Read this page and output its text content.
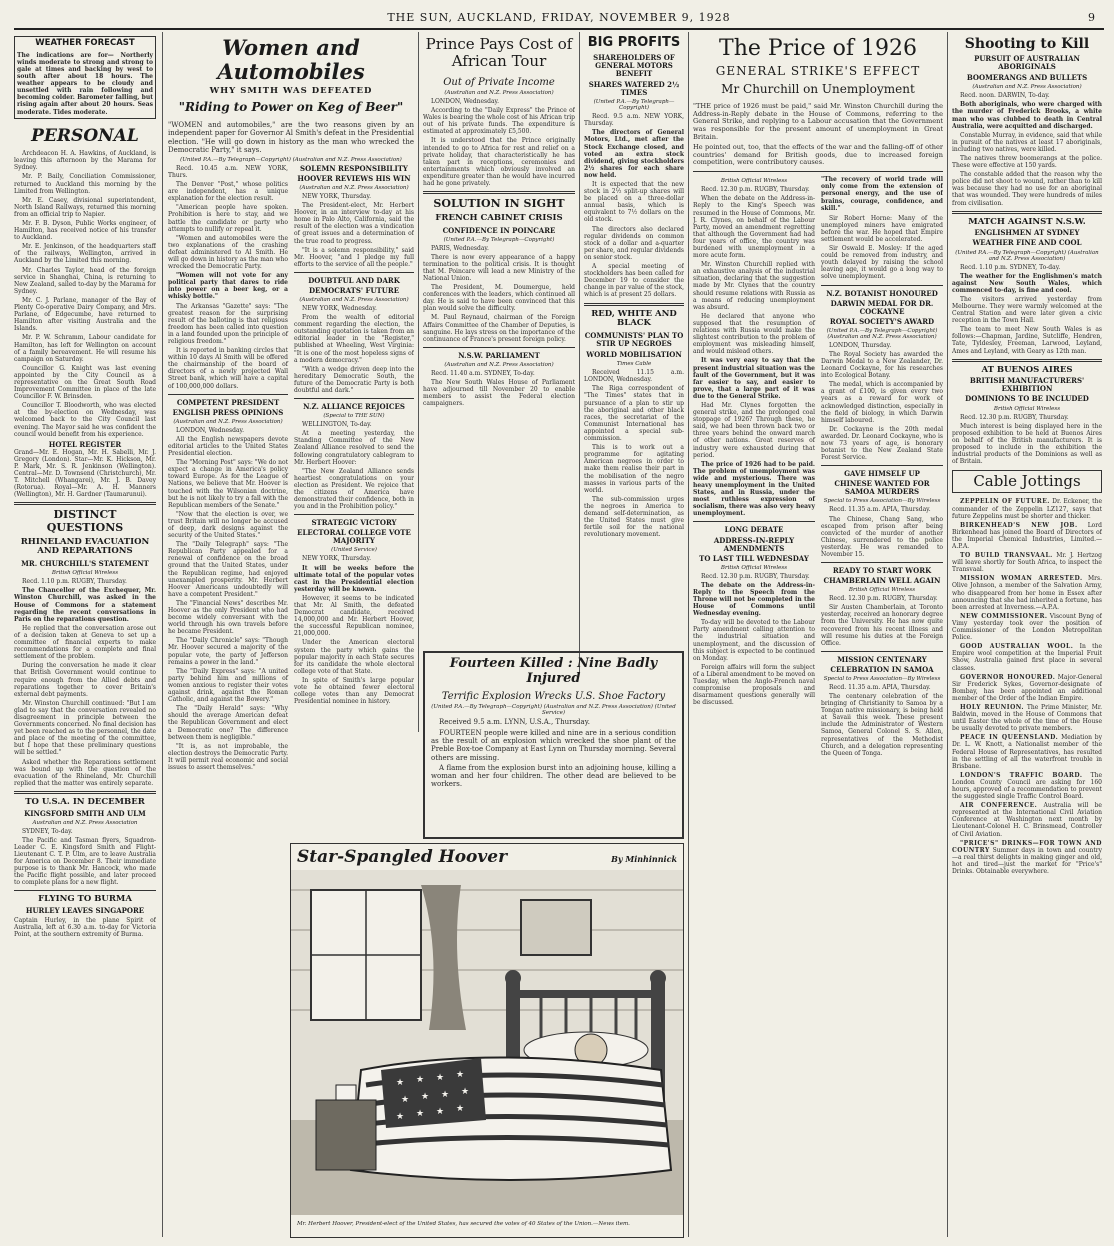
THE SUN, AUCKLAND, FRIDAY, NOVEMBER 9, 1928	9
WEATHER FORECAST
The indications are for— Northerly winds moderate to strong and strong to gale at times and backing by west to south after about 18 hours. The weather appears to be cloudy and unsettled with rain following and becoming colder. Barometer falling, but rising again after about 20 hours. Seas moderate. Tides moderate.
PERSONAL

Archdeacon H. A. Hawkins, of Auckland, is leaving this afternoon by the Marama for Sydney.

Mr. P. Baily, Conciliation Commissioner, returned to Auckland this morning by the Limited from Wellington.

Mr. E. Casey, divisional superintendent, North Island Railways, returned this morning from an official trip to Napier.

Mr. F. B. Dyson, Public Works engineer, of Hamilton, has received notice of his transfer to Auckland.

Mr. E. Jenkinson, of the headquarters staff of the railways, Wellington, arrived in Auckland by the Limited this morning.

Mr. Charles Taylor, head of the foreign service in Shanghai, China, is returning to New Zealand, sailed to-day by the Marama for Sydney.

Mr. C. J. Parlane, manager of the Bay of Plenty Co-operative Dairy Company, and Mrs. Parlane, of Edgecumbe, have returned to Hamilton after visiting Australia and the Islands.

Mr. P. W. Schramm, Labour candidate for Hamilton, has left for Wellington on account of a family bereavement. He will resume his campaign on Saturday.

Councillor G. Knight was last evening appointed by the City Council as a representative on the Great South Road Improvement Committee in place of the late Councillor F. W. Brinsden.

Councillor T. Bloodworth, who was elected at the by-election on Wednesday, was welcomed back to the City Council last evening. The Mayor said he was confident the council would benefit from his experience.

HOTEL REGISTER
Grand—Mr. E. Hogan, Mr. H. Sabelli, Mr. J. Gregory (London). Star—Mr. K. Hickson, Mr. P. Mark, Mr. S. R. Jenkinson (Wellington). Central—Mr. D. Townsend (Christchurch), Mr. T. Mitchell (Whangarei), Mr. J. B. Davey (Rotorua). Royal—Mr. A. H. Manners (Wellington), Mr. H. Gardner (Taumarunui).
DISTINCT QUESTIONS
RHINELAND EVACUATION AND REPARATIONS
MR. CHURCHILL'S STATEMENT
British Official Wireless

Recd. 1.10 p.m. RUGBY, Thursday.

The Chancellor of the Exchequer, Mr. Winston Churchill, was asked in the House of Commons for a statement regarding the recent conversations in Paris on the reparations question.

He replied that the conversation arose out of a decision taken at Geneva to set up a committee of financial experts to make recommendations for a complete and final settlement of the problem.

During the conversation he made it clear that British Government would continue to require enough from the Allied debts and reparations together to cover Britain's external debt payments.

Mr. Winston Churchill continued: "But I am glad to say that the conversation revealed no disagreement in principle between the Governments concerned. No final decision has yet been reached as to the personnel, the date and place of the meeting of the committee, but I hope that these preliminary questions will be settled."

Asked whether the Reparations settlement was bound up with the question of the evacuation of the Rhineland, Mr. Churchill replied that the matter was entirely separate.

TO U.S.A. IN DECEMBER
KINGSFORD SMITH AND ULM
Australian and N.Z. Press Association

SYDNEY, To-day.

The Pacific and Tasman flyers, Squadron-Leader C. E. Kingsford Smith and Flight-Lieutenant C. T. P. Ulm, are to leave Australia for America on December 8. Their immediate purpose is to thank Mr. Hancock, who made the Pacific flight possible, and later proceed to complete plans for a new flight.

FLYING TO BURMA
HURLEY LEAVES SINGAPORE
Captain Hurley, in the plane Spirit of Australia, left at 6.30 a.m. to-day for Victoria Point, at the southern extremity of Burma.
Women and Automobiles
WHY SMITH WAS DEFEATED
"Riding to Power on Keg of Beer"
"WOMEN and automobiles," are the two reasons given by an independent paper for Governor Al Smith's defeat in the Presidential election. "He will go down in history as the man who wrecked the Democratic Party," it says.
(United P.A.—By Telegraph—Copyright) (Australian and N.Z. Press Association)

Recd. 10.45 a.m. NEW YORK, Thurs.

The Denver "Post," whose politics are independent, has a unique explanation for the election result.

"American people have spoken. Prohibition is here to stay, and we battle the candidate or party who attempts to nullify or repeal it.

"Women and automobiles were the two explanations of the crashing defeat administered to Al Smith. He will go down in history as the man who wrecked the Democratic Party.

"Women will not vote for any political party that dares to ride into power on a beer keg, or a whisky bottle."

The Arkansas "Gazette" says: "The greatest reason for the surprising result of the balloting is that religious freedom has been called into question in a land founded upon the principle of religious freedom."

It is reported in banking circles that within 10 days Al Smith will be offered the chairmanship of the board of directors of a newly projected Wall Street bank, which will have a capital of 100,000,000 dollars.

COMPETENT PRESIDENT
ENGLISH PRESS OPINIONS
(Australian and N.Z. Press Association)

LONDON, Wednesday.

All the English newspapers devote editorial articles to the United States Presidential election.

The "Morning Post" says: "We do not expect a change in America's policy toward Europe. As for the League of Nations, we believe that Mr. Hoover is touched with the Wilsonian doctrine, but he is not likely to try a fall with the Republican members of the Senate."

"Now that the election is over, we trust Britain will no longer be accused of deep, dark designs against the security of the United States."

The "Daily Telegraph" says: "The Republican Party appealed for a renewal of confidence on the broad ground that the United States, under the Republican regime, had enjoyed unexampled prosperity. Mr. Herbert Hoover Americans undoubtedly will have a competent President."

The "Financial News" describes Mr. Hoover as the only President who had become widely conversant with the world through his own travels before he became President.

The "Daily Chronicle" says: "Though Mr. Hoover secured a majority of the popular vote, the party of Jefferson remains a power in the land."

The "Daily Express" says: "A united party behind him and millions of women anxious to register their votes against drink, against the Roman Catholic, and against the Bowery."

The "Daily Herald" says: "Why should the average American defeat the Republican Government and elect a Democratic one? The difference between them is negligible."

"It is, as not improbable, the election destroys the Democratic Party. It will permit real economic and social issues to assert themselves."

SOLEMN RESPONSIBILITY
HOOVER REVIEWS HIS WIN
(Australian and N.Z. Press Association)

NEW YORK, Thursday.

The President-elect, Mr. Herbert Hoover, in an interview to-day at his home in Palo Alto, California, said the result of the election was a vindication of great issues and a determination of the true road to progress.

"It is a solemn responsibility," said Mr. Hoover, "and I pledge my full efforts to the service of all the people."

DOUBTFUL AND DARK
DEMOCRATS' FUTURE
(Australian and N.Z. Press Association)

NEW YORK, Wednesday.

From the wealth of editorial comment regarding the election, the outstanding quotation is taken from an editorial leader in the "Register," published at Wheeling, West Virginia: "It is one of the most hopeless signs of a modern democracy."

"With a wedge driven deep into the hereditary Democratic South, the future of the Democratic Party is both doubtful and dark."

N.Z. ALLIANCE REJOICES
(Special to THE SUN)

WELLINGTON, To-day.

At a meeting yesterday, the Standing Committee of the New Zealand Alliance resolved to send the following congratulatory cablegram to Mr. Herbert Hoover:

"The New Zealand Alliance sends heartiest congratulations on your election as President. We rejoice that the citizens of America have demonstrated their confidence, both in you and in the Prohibition policy."

STRATEGIC VICTORY
ELECTORAL COLLEGE VOTE MAJORITY
(United Service)

NEW YORK, Thursday.

It will be weeks before the ultimate total of the popular votes cast in the Presidential election yesterday will be known.

However, it seems to be indicated that Mr. Al Smith, the defeated Democrat candidate, received 14,000,000 and Mr. Herbert Hoover, the successful Republican nominee, 21,000,000.

Under the American electoral system the party which gains the popular majority in each State secures for its candidate the whole electoral college vote of that State.

In spite of Smith's large popular vote he obtained fewer electoral college votes than any Democrat Presidential nominee in history.

Prince Pays Cost of African Tour
Out of Private Income
(Australian and N.Z. Press Association)

LONDON, Wednesday.

According to the "Daily Express" the Prince of Wales is bearing the whole cost of his African trip out of his private funds. The expenditure is estimated at approximately £5,500.

It is understood that the Prince originally intended to go to Africa for rest and relief on a private holiday, that characteristically he has taken part in receptions, ceremonies and entertainments which obviously involved an expenditure greater than he would have incurred had he gone privately.

SOLUTION IN SIGHT
FRENCH CABINET CRISIS
CONFIDENCE IN POINCARE
(United P.A.—By Telegraph—Copyright)

PARIS, Wednesday.

There is now every appearance of a happy termination to the political crisis. It is thought that M. Poincare will lead a new Ministry of the National Union.

The President, M. Doumergue, held conferences with the leaders, which continued all day. He is said to have been convinced that this plan would solve the difficulty.

M. Paul Reynaud, chairman of the Foreign Affairs Committee of the Chamber of Deputies, is sanguine. He lays stress on the importance of the continuance of France's present foreign policy.

N.S.W. PARLIAMENT
(Australian and N.Z. Press Association)

Recd. 11.40 a.m. SYDNEY, To-day.

The New South Wales House of Parliament have adjourned till November 20 to enable members to assist the Federal election campaigners.

BIG PROFITS
SHAREHOLDERS OF GENERAL MOTORS BENEFIT
SHARES WATERED 2½ TIMES
(United P.A.—By Telegraph—Copyright)

Recd. 9.5 a.m. NEW YORK, Thursday.

The directors of General Motors, Ltd., met after the Stock Exchange closed, and voted an extra stock dividend, giving stockholders 2½ shares for each share now held.

It is expected that the new stock in 2½ split-up shares will be placed on a three-dollar annual basis, which is equivalent to 7½ dollars on the old stock.

The directors also declared regular dividends on common stock of a dollar and a-quarter per share, and regular dividends on senior stock.

A special meeting of stockholders has been called for December 19 to consider the change in par value of the stock, which is at present 25 dollars.

RED, WHITE AND BLACK
COMMUNISTS' PLAN TO STIR UP NEGROES
WORLD MOBILISATION
Times Cable

Received 11.15 a.m. LONDON, Wednesday.

The Riga correspondent of "The Times" states that in pursuance of a plan to stir up the aboriginal and other black races, the secretariat of the Communist International has appointed a special sub-commission.

This is to work out a programme for agitating American negroes in order to make them realise their part in the mobilisation of the negro masses in various parts of the world.

The sub-commission urges the negroes in America to demand self-determination, as the United States must give fertile soil for the national revolutionary movement.

Fourteen Killed : Nine Badly Injured
Terrific Explosion Wrecks U.S. Shoe Factory
(United P.A.—By Telegraph—Copyright) (Australian and N.Z. Press Association) (United Service)

Received 9.5 a.m. LYNN, U.S.A., Thursday.

FOURTEEN people were killed and nine are in a serious condition as the result of an explosion which wrecked the shoe plant of the Preble Box-toe Company at East Lynn on Thursday morning. Several others are missing.

A flame from the explosion burst into an adjoining house, killing a woman and her four children. The other dead are believed to be workers.

Star-Spangled Hoover	By Minhinnick
★ ★ ★ ★
★ ★ ★ ★
★ ★ ★ ★
Mr. Herbert Hoover, President-elect of the United States, has secured the votes of 40 States of the Union.—News item.
The Price of 1926
GENERAL STRIKE'S EFFECT
Mr Churchill on Unemployment
"THE price of 1926 must be paid," said Mr. Winston Churchill during the Address-in-Reply debate in the House of Commons, referring to the General Strike, and replying to a Labour accusation that the Government was responsible for the present amount of unemployment in Great Britain.
He pointed out, too, that the effects of the war and the falling-off of other countries' demand for British goods, due to increased foreign competition, were contributory causes.
British Official Wireless

Recd. 12.30 p.m. RUGBY, Thursday.

When the debate on the Address-in-Reply to the King's Speech was resumed in the House of Commons, Mr. J. R. Clynes, on behalf of the Labour Party, moved an amendment regretting that although the Government had had four years of office, the country was burdened with unemployment in a more acute form.

Mr. Winston Churchill replied with an exhaustive analysis of the industrial situation, declaring that the suggestion made by Mr. Clynes that the country should resume relations with Russia as a means of reducing unemployment was absurd.

He declared that anyone who supposed that the resumption of relations with Russia would make the slightest contribution to the problem of employment was misleading himself, and would mislead others.

It was very easy to say that the present industrial situation was the fault of the Government, but it was far easier to say, and easier to prove, that a large part of it was due to the General Strike.

Had Mr. Clynes forgotten the general strike, and the prolonged coal stoppage of 1926? Through these, he said, we had been thrown back two or three years behind the onward march of other nations. Great reserves of industry were exhausted during that period.

The price of 1926 had to be paid. The problem of unemployment was wide and mysterious. There was heavy unemployment in the United States, and in Russia, under the most ruthless expression of socialism, there was also very heavy unemployment.

LONG DEBATE
ADDRESS-IN-REPLY AMENDMENTS
TO LAST TILL WEDNESDAY
British Official Wireless

Recd. 12.30 p.m. RUGBY, Thursday.

The debate on the Address-in-Reply to the Speech from the Throne will not be completed in the House of Commons until Wednesday evening.

To-day will be devoted to the Labour Party amendment calling attention to the industrial situation and unemployment, and the discussion of this subject is expected to be continued on Monday.

Foreign affairs will form the subject of a Liberal amendment to be moved on Tuesday, when the Anglo-French naval compromise proposals and disarmament questions generally will be discussed.

"The recovery of world trade will only come from the extension of personal energy, and the use of brains, courage, confidence, and skill."

Sir Robert Horne: Many of the unemployed miners have emigrated before the war. He hoped that Empire settlement would be accelerated.

Sir Oswald E. Mosley: If the aged could be removed from industry, and youth delayed by raising the school leaving age, it would go a long way to solve unemployment.

N.Z. BOTANIST HONOURED
DARWIN MEDAL FOR DR. COCKAYNE
ROYAL SOCIETY'S AWARD
(United P.A.—By Telegraph—Copyright) (Australian and N.Z. Press Association)

LONDON, Thursday.

The Royal Society has awarded the Darwin Medal to a New Zealander, Dr. Leonard Cockayne, for his researches into Ecological Botany.

The medal, which is accompanied by a grant of £100, is given every two years as a reward for work of acknowledged distinction, especially in the field of biology, in which Darwin himself laboured.

Dr. Cockayne is the 20th medal awarded. Dr. Leonard Cockayne, who is now 73 years of age, is honorary botanist to the New Zealand State Forest Service.

GAVE HIMSELF UP
CHINESE WANTED FOR SAMOA MURDERS
Special to Press Association—By Wireless

Recd. 11.35 a.m. APIA, Thursday.

The Chinese, Chang Sang, who escaped from prison after being convicted of the murder of another Chinese, surrendered to the police yesterday. He was remanded to November 15.

READY TO START WORK
CHAMBERLAIN WELL AGAIN
British Official Wireless

Recd. 12.30 p.m. RUGBY, Thursday.

Sir Austen Chamberlain, at Toronto yesterday, received an honorary degree from the University. He has now quite recovered from his recent illness and will resume his duties at the Foreign Office.

MISSION CENTENARY
CELEBRATION IN SAMOA
Special to Press Association—By Wireless

Recd. 11.35 a.m. APIA, Thursday.

The centenary celebration of the bringing of Christianity to Samoa by a Tongan native missionary, is being held at Savaii this week. These present include the Administrator of Western Samoa, General Colonel S. S. Allen, representatives of the Methodist Church, and a delegation representing the Queen of Tonga.

Shooting to Kill
PURSUIT OF AUSTRALIAN ABORIGINALS
BOOMERANGS AND BULLETS
(Australian and N.Z. Press Association)

Recd. noon. DARWIN, To-day.

Both aboriginals, who were charged with the murder of Frederick Brooks, a white man who was clubbed to death in Central Australia, were acquitted and discharged.

Constable Murray, in evidence, said that while in pursuit of the natives at least 17 aboriginals, including two natives, were killed.

The natives threw boomerangs at the police. These were effective at 150 yards.

The constable added that the reason why the police did not shoot to wound, rather than to kill was because they had no use for an aboriginal that was wounded. They were hundreds of miles from civilisation.

MATCH AGAINST N.S.W.
ENGLISHMEN AT SYDNEY
WEATHER FINE AND COOL
(United P.A.—By Telegraph—Copyright) (Australian and N.Z. Press Association)

Recd. 1.10 p.m. SYDNEY, To-day.

The weather for the Englishmen's match against New South Wales, which commenced to-day, is fine and cool.

The visitors arrived yesterday from Melbourne. They were warmly welcomed at the Central Station and were later given a civic reception in the Town Hall.

The team to meet New South Wales is as follows:—Chapman, Jardine, Sutcliffe, Hendren, Tate, Tyldesley, Freeman, Larwood, Leyland, Ames and Leyland, with Geary as 12th man.

AT BUENOS AIRES
BRITISH MANUFACTURERS' EXHIBITION
DOMINIONS TO BE INCLUDED
British Official Wireless

Recd. 12.30 p.m. RUGBY, Thursday.

Much interest is being displayed here in the proposed exhibition to be held at Buenos Aires on behalf of the British manufacturers. It is proposed to include in the exhibition the industrial products of the Dominions as well as of Britain.

Cable Jottings

ZEPPELIN OF FUTURE. Dr. Eckener, the commander of the Zeppelin LZ127, says that future Zeppelins must be shorter and thicker.

BIRKENHEAD'S NEW JOB. Lord Birkenhead has joined the Board of Directors of the Imperial Chemical Industries, Limited.—A.P.A.

TO BUILD TRANSVAAL. Mr. J. Hertzog will leave shortly for South Africa, to inspect the Transvaal.

MISSION WOMAN ARRESTED. Mrs. Olive Johnson, a member of the Salvation Army, who disappeared from her home in Essex after announcing that she had inherited a fortune, has been arrested at Inverness.—A.P.A.

NEW COMMISSIONER. Viscount Byng of Vimy yesterday took over the position of Commissioner of the London Metropolitan Police.

GOOD AUSTRALIAN WOOL. In the Empire wool competition at the Imperial Fruit Show, Australia gained first place in several classes.

GOVERNOR HONOURED. Major-General Sir Frederick Sykes, Governor-designate of Bombay, has been appointed an additional member of the Order of the Indian Empire.

HOLY REUNION. The Prime Minister, Mr. Baldwin, moved in the House of Commons that until Easter the whole of the time of the House be usually devoted to private members.

PEACE IN QUEENSLAND. Mediation by Dr. L. W. Knott, a Nationalist member of the Federal House of Representatives, has resulted in the settling of all the waterfront trouble in Brisbane.

LONDON'S TRAFFIC BOARD. The London County Council are asking for 160 hours, approved of a recommendation to prevent the suggested single Traffic Control Board.

AIR CONFERENCE. Australia will be represented at the International Civil Aviation Conference at Washington next month by Lieutenant-Colonel H. C. Brinsmead, Controller of Civil Aviation.

"PRICE'S" DRINKS—FOR TOWN AND COUNTRY Summer days in town and country—a real thirst delights in making ginger and old, hot and tired—just the market for "Price's" Drinks. Obtainable everywhere.
